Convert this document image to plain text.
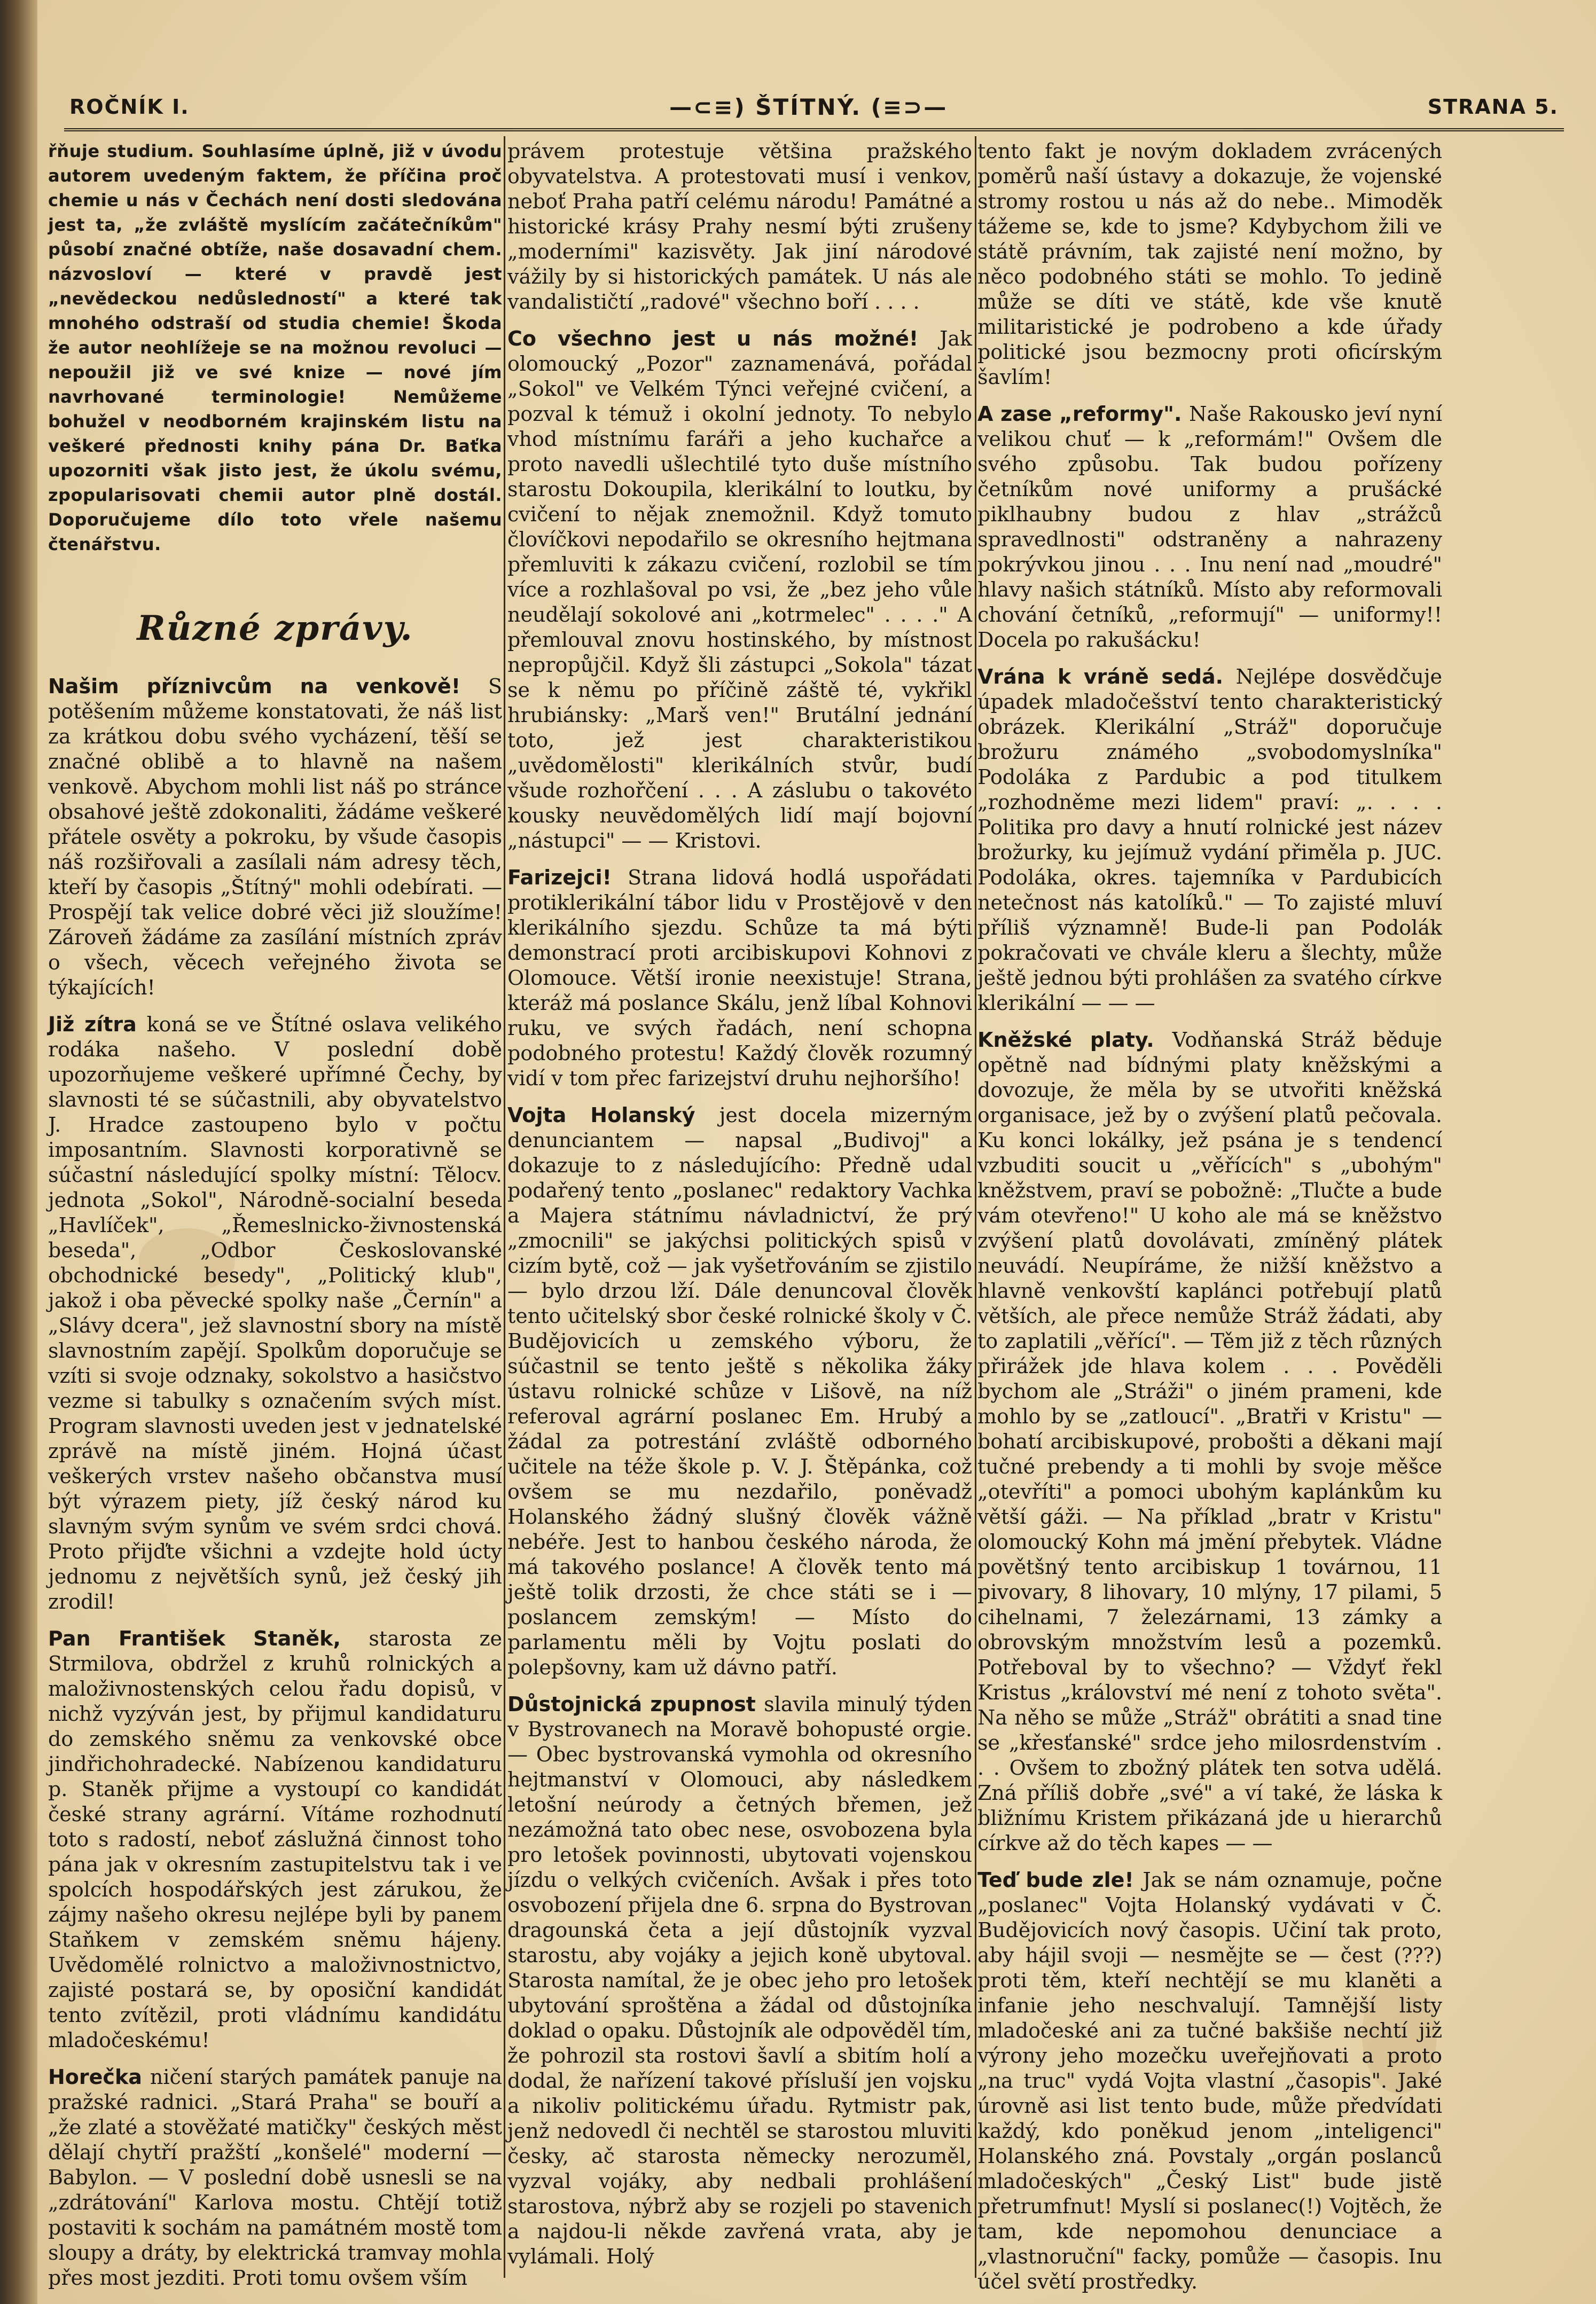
ROČNÍK I.	—⊂≡) ŠTÍTNÝ. (≡⊃—	STRANA 5.

řňuje studium. Souhlasíme úplně, již v úvodu autorem uvedeným faktem, že příčina proč chemie u nás v Čechách není dosti sledována jest ta, „že zvláště myslícím začátečníkům" působí značné obtíže, naše dosavadní chem. názvosloví — které v pravdě jest „nevědeckou nedůsledností" a které tak mnohého odstraší od studia chemie! Škoda že autor neohlížeje se na možnou revoluci — nepoužil již ve své knize — nové jím navrhované terminologie! Nemůžeme bohužel v neodborném krajinském listu na veškeré přednosti knihy pána Dr. Baťka upozorniti však jisto jest, že úkolu svému, zpopularisovati chemii autor plně dostál. Doporučujeme dílo toto vřele našemu čtenářstvu.

Různé zprávy.

Našim příznivcům na venkově! S potěšením můžeme konstatovati, že náš list za krátkou dobu svého vycházení, těší se značné oblibě a to hlavně na našem venkově. Abychom mohli list náš po stránce obsahové ještě zdokonaliti, žádáme veškeré přátele osvěty a pokroku, by všude časopis náš rozšiřovali a zasílali nám adresy těch, kteří by časopis „Štítný" mohli odebírati. — Prospějí tak velice dobré věci již sloužíme! Zároveň žádáme za zasílání místních zpráv o všech, věcech veřejného života se týkajících!

Již zítra koná se ve Štítné oslava velikého rodáka našeho. V poslední době upozorňujeme veškeré upřímné Čechy, by slavnosti té se súčastnili, aby obyvatelstvo J. Hradce zastoupeno bylo v počtu imposantním. Slavnosti korporativně se súčastní následující spolky místní: Tělocv. jednota „Sokol", Národně-socialní beseda „Havlíček", „Řemeslnicko-živnostenská beseda", „Odbor Českoslovanské obchodnické besedy", „Politický klub", jakož i oba pěvecké spolky naše „Černín" a „Slávy dcera", jež slavnostní sbory na místě slavnostním zapějí. Spolkům doporučuje se vzíti si svoje odznaky, sokolstvo a hasičstvo vezme si tabulky s označením svých míst. Program slavnosti uveden jest v jednatelské zprávě na místě jiném. Hojná účast veškerých vrstev našeho občanstva musí být výrazem piety, jíž český národ ku slavným svým synům ve svém srdci chová. Proto přijďte všichni a vzdejte hold úcty jednomu z největších synů, jež český jih zrodil!

Pan František Staněk, starosta ze Strmilova, obdržel z kruhů rolnických a maloživnostenských celou řadu dopisů, v nichž vyzýván jest, by přijmul kandidaturu do zemského sněmu za venkovské obce jindřichohradecké. Nabízenou kandidaturu p. Staněk přijme a vystoupí co kandidát české strany agrární. Vítáme rozhodnutí toto s radostí, neboť záslužná činnost toho pána jak v okresním zastupitelstvu tak i ve spolcích hospodářských jest zárukou, že zájmy našeho okresu nejlépe byli by panem Staňkem v zemském sněmu hájeny. Uvědomělé rolnictvo a maloživnostnictvo, zajisté postará se, by oposiční kandidát tento zvítězil, proti vládnímu kandidátu mladočeskému!

Horečka ničení starých památek panuje na pražské radnici. „Stará Praha" se bouří a „že zlaté a stověžaté matičky" českých měst dělají chytří pražští „konšelé" moderní — Babylon. — V poslední době usnesli se na „zdrátování" Karlova mostu. Chtějí totiž postaviti k sochám na památném mostě tom sloupy a dráty, by elektrická tramvay mohla přes most jezditi. Proti tomu ovšem vším

právem protestuje většina pražského obyvatelstva. A protestovati musí i venkov, neboť Praha patří celému národu! Památné a historické krásy Prahy nesmí býti zrušeny „moderními" kazisvěty. Jak jiní národové vážily by si historických památek. U nás ale vandalističtí „radové" všechno boří . . . .

Co všechno jest u nás možné! Jak olomoucký „Pozor" zaznamenává, pořádal „Sokol" ve Velkém Týnci veřejné cvičení, a pozval k témuž i okolní jednoty. To nebylo vhod místnímu faráři a jeho kuchařce a proto navedli ušlechtilé tyto duše místního starostu Dokoupila, klerikální to loutku, by cvičení to nějak znemožnil. Když tomuto človíčkovi nepodařilo se okresního hejtmana přemluviti k zákazu cvičení, rozlobil se tím více a rozhlašoval po vsi, že „bez jeho vůle neudělají sokolové ani „kotrmelec" . . . ." A přemlouval znovu hostinského, by místnost nepropůjčil. Když šli zástupci „Sokola" tázat se k němu po příčině záště té, vykřikl hrubiánsky: „Marš ven!" Brutální jednání toto, jež jest charakteristikou „uvědomělosti" klerikálních stvůr, budí všude rozhořčení . . . A záslubu o takovéto kousky neuvědomělých lidí mají bojovní „nástupci" — — Kristovi.

Farizejci! Strana lidová hodlá uspořádati protiklerikální tábor lidu v Prostějově v den klerikálního sjezdu. Schůze ta má býti demonstrací proti arcibiskupovi Kohnovi z Olomouce. Větší ironie neexistuje! Strana, kteráž má poslance Skálu, jenž líbal Kohnovi ruku, ve svých řadách, není schopna podobného protestu! Každý člověk rozumný vidí v tom přec farizejství druhu nejhoršího!

Vojta Holanský jest docela mizerným denunciantem — napsal „Budivoj" a dokazuje to z následujícího: Předně udal podařený tento „poslanec" redaktory Vachka a Majera státnímu návladnictví, že prý „zmocnili" se jakýchsi politických spisů v cizím bytě, což — jak vyšetřováním se zjistilo — bylo drzou lží. Dále denuncoval člověk tento učitelský sbor české rolnické školy v Č. Budějovicích u zemského výboru, že súčastnil se tento ještě s několika žáky ústavu rolnické schůze v Lišově, na níž referoval agrární poslanec Em. Hrubý a žádal za potrestání zvláště odborného učitele na téže škole p. V. J. Štěpánka, což ovšem se mu nezdařilo, poněvadž Holanského žádný slušný člověk vážně nebéře. Jest to hanbou českého národa, že má takového poslance! A člověk tento má ještě tolik drzosti, že chce státi se i — poslancem zemským! — Místo do parlamentu měli by Vojtu poslati do polepšovny, kam už dávno patří.

Důstojnická zpupnost slavila minulý týden v Bystrovanech na Moravě bohopusté orgie. — Obec bystrovanská vymohla od okresního hejtmanství v Olomouci, aby následkem letošní neúrody a četných břemen, jež nezámožná tato obec nese, osvobozena byla pro letošek povinnosti, ubytovati vojenskou jízdu o velkých cvičeních. Avšak i přes toto osvobození přijela dne 6. srpna do Bystrovan dragounská četa a její důstojník vyzval starostu, aby vojáky a jejich koně ubytoval. Starosta namítal, že je obec jeho pro letošek ubytování sproštěna a žádal od důstojníka doklad o opaku. Důstojník ale odpověděl tím, že pohrozil sta rostovi šavlí a sbitím holí a dodal, že nařízení takové přísluší jen vojsku a nikoliv politickému úřadu. Rytmistr pak, jenž nedovedl či nechtěl se starostou mluviti česky, ač starosta německy nerozuměl, vyzval vojáky, aby nedbali prohlášení starostova, nýbrž aby se rozjeli po stavenich a najdou-li někde zavřená vrata, aby je vylámali. Holý

tento fakt je novým dokladem zvrácených poměrů naší ústavy a dokazuje, že vojenské stromy rostou u nás až do nebe.. Mimoděk tážeme se, kde to jsme? Kdybychom žili ve státě právním, tak zajisté není možno, by něco podobného státi se mohlo. To jedině může se díti ve státě, kde vše knutě militaristické je podrobeno a kde úřady politické jsou bezmocny proti oficírským šavlím!

A zase „reformy". Naše Rakousko jeví nyní velikou chuť — k „reformám!" Ovšem dle svého způsobu. Tak budou pořízeny četníkům nové uniformy a prušácké piklhaubny budou z hlav „strážců spravedlnosti" odstraněny a nahrazeny pokrývkou jinou . . . Inu není nad „moudré" hlavy našich státníků. Místo aby reformovali chování četníků, „reformují" — uniformy!! Docela po rakušácku!

Vrána k vráně sedá. Nejlépe dosvědčuje úpadek mladočešství tento charakteristický obrázek. Klerikální „Stráž" doporučuje brožuru známého „svobodomyslníka" Podoláka z Pardubic a pod titulkem „rozhodněme mezi lidem" praví: „. . . . Politika pro davy a hnutí rolnické jest název brožurky, ku jejímuž vydání přiměla p. JUC. Podoláka, okres. tajemníka v Pardubicích netečnost nás katolíků." — To zajisté mluví příliš významně! Bude-li pan Podolák pokračovati ve chvále kleru a šlechty, může ještě jednou býti prohlášen za svatého církve klerikální — — —

Kněžské platy. Vodňanská Stráž běduje opětně nad bídnými platy kněžskými a dovozuje, že měla by se utvořiti kněžská organisace, jež by o zvýšení platů pečovala. Ku konci lokálky, jež psána je s tendencí vzbuditi soucit u „věřících" s „ubohým" kněžstvem, praví se pobožně: „Tlučte a bude vám otevřeno!" U koho ale má se kněžstvo zvýšení platů dovolávati, zmíněný plátek neuvádí. Neupíráme, že nižší kněžstvo a hlavně venkovští kaplánci potřebují platů větších, ale přece nemůže Stráž žádati, aby to zaplatili „věřící". — Těm již z těch různých přirážek jde hlava kolem . . . Pověděli bychom ale „Stráži" o jiném prameni, kde mohlo by se „zatloucí". „Bratři v Kristu" — bohatí arcibiskupové, probošti a děkani mají tučné prebendy a ti mohli by svoje měšce „otevříti" a pomoci ubohým kaplánkům ku větší gáži. — Na příklad „bratr v Kristu" olomoucký Kohn má jmění přebytek. Vládne povětšný tento arcibiskup 1 továrnou, 11 pivovary, 8 lihovary, 10 mlýny, 17 pilami, 5 cihelnami, 7 železárnami, 13 zámky a obrovským množstvím lesů a pozemků. Potřeboval by to všechno? — Vždyť řekl Kristus „království mé není z tohoto světa". Na něho se může „Stráž" obrátiti a snad tine se „křesťanské" srdce jeho milosrdenstvím . . . Ovšem to zbožný plátek ten sotva udělá. Zná příliš dobře „své" a ví také, že láska k bližnímu Kristem přikázaná jde u hierarchů církve až do těch kapes — —

Teď bude zle! Jak se nám oznamuje, počne „poslanec" Vojta Holanský vydávati v Č. Budějovicích nový časopis. Učiní tak proto, aby hájil svoji — nesmějte se — čest (???) proti těm, kteří nechtějí se mu klaněti a infanie jeho neschvalují. Tamnější listy mladočeské ani za tučné bakšiše nechtí již výrony jeho mozečku uveřejňovati a proto „na truc" vydá Vojta vlastní „časopis". Jaké úrovně asi list tento bude, může předvídati každý, kdo poněkud jenom „inteligenci" Holanského zná. Povstaly „orgán poslanců mladočeských" „Český List" bude jistě přetrumfnut! Myslí si poslanec(!) Vojtěch, že tam, kde nepomohou denunciace a „vlastnoruční" facky, pomůže — časopis. Inu účel světí prostředky.
